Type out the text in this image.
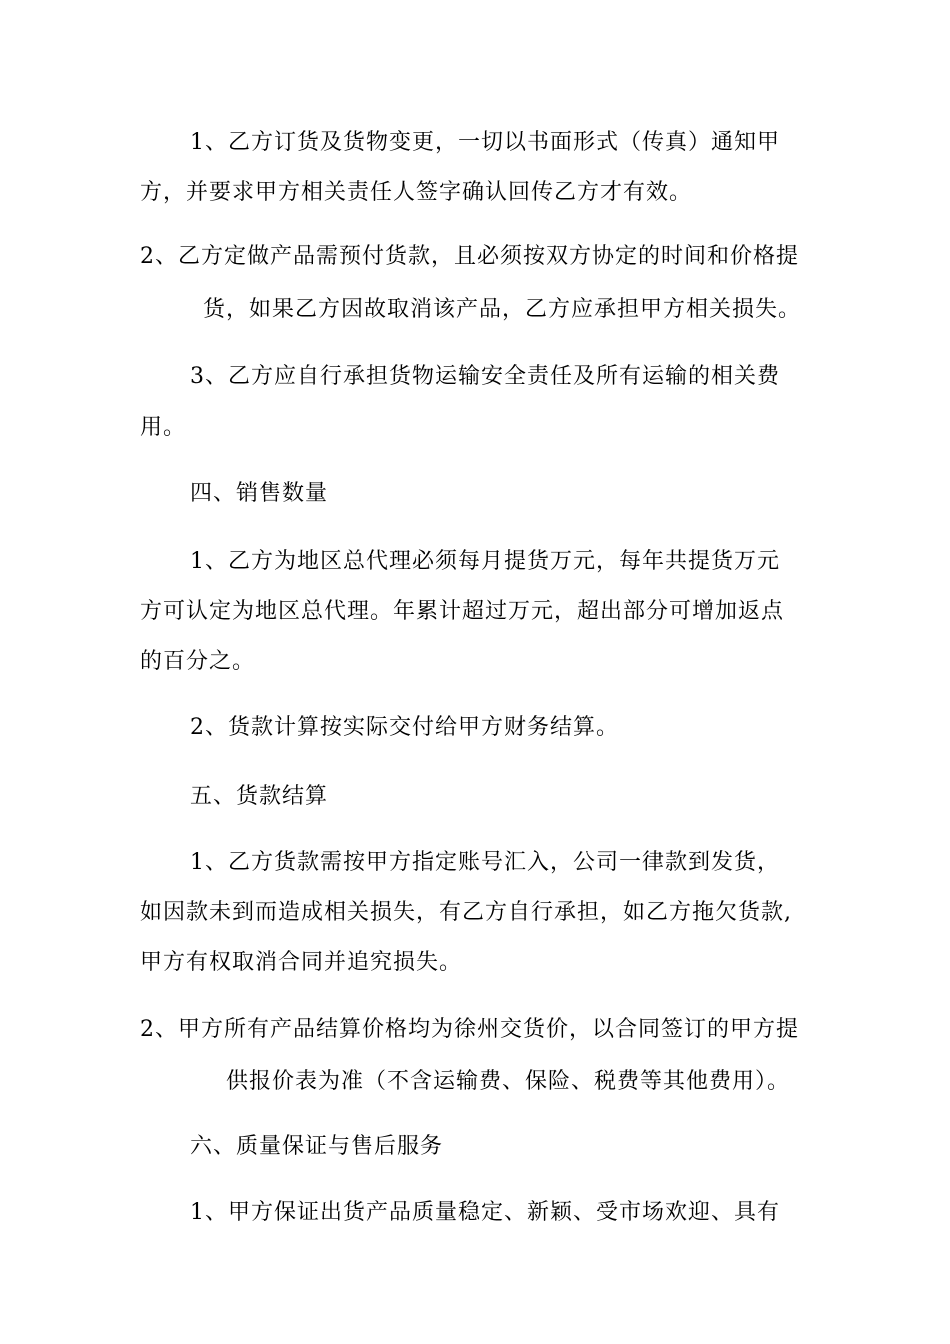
1、乙方订货及货物变更，一切以书面形式（传真）通知甲
方，并要求甲方相关责任人签字确认回传乙方才有效。
2、乙方定做产品需预付货款，且必须按双方协定的时间和价格提
货，如果乙方因故取消该产品，乙方应承担甲方相关损失。
3、乙方应自行承担货物运输安全责任及所有运输的相关费
用。
四、销售数量
1、乙方为地区总代理必须每月提货万元，每年共提货万元
方可认定为地区总代理。年累计超过万元，超出部分可增加返点
的百分之。
2、货款计算按实际交付给甲方财务结算。
五、货款结算
1、乙方货款需按甲方指定账号汇入，公司一律款到发货，
如因款未到而造成相关损失，有乙方自行承担，如乙方拖欠货款,
甲方有权取消合同并追究损失。
2、甲方所有产品结算价格均为徐州交货价，以合同签订的甲方提
供报价表为准（不含运输费、保险、税费等其他费用）。
六、质量保证与售后服务
1、甲方保证出货产品质量稳定、新颖、受市场欢迎、具有
